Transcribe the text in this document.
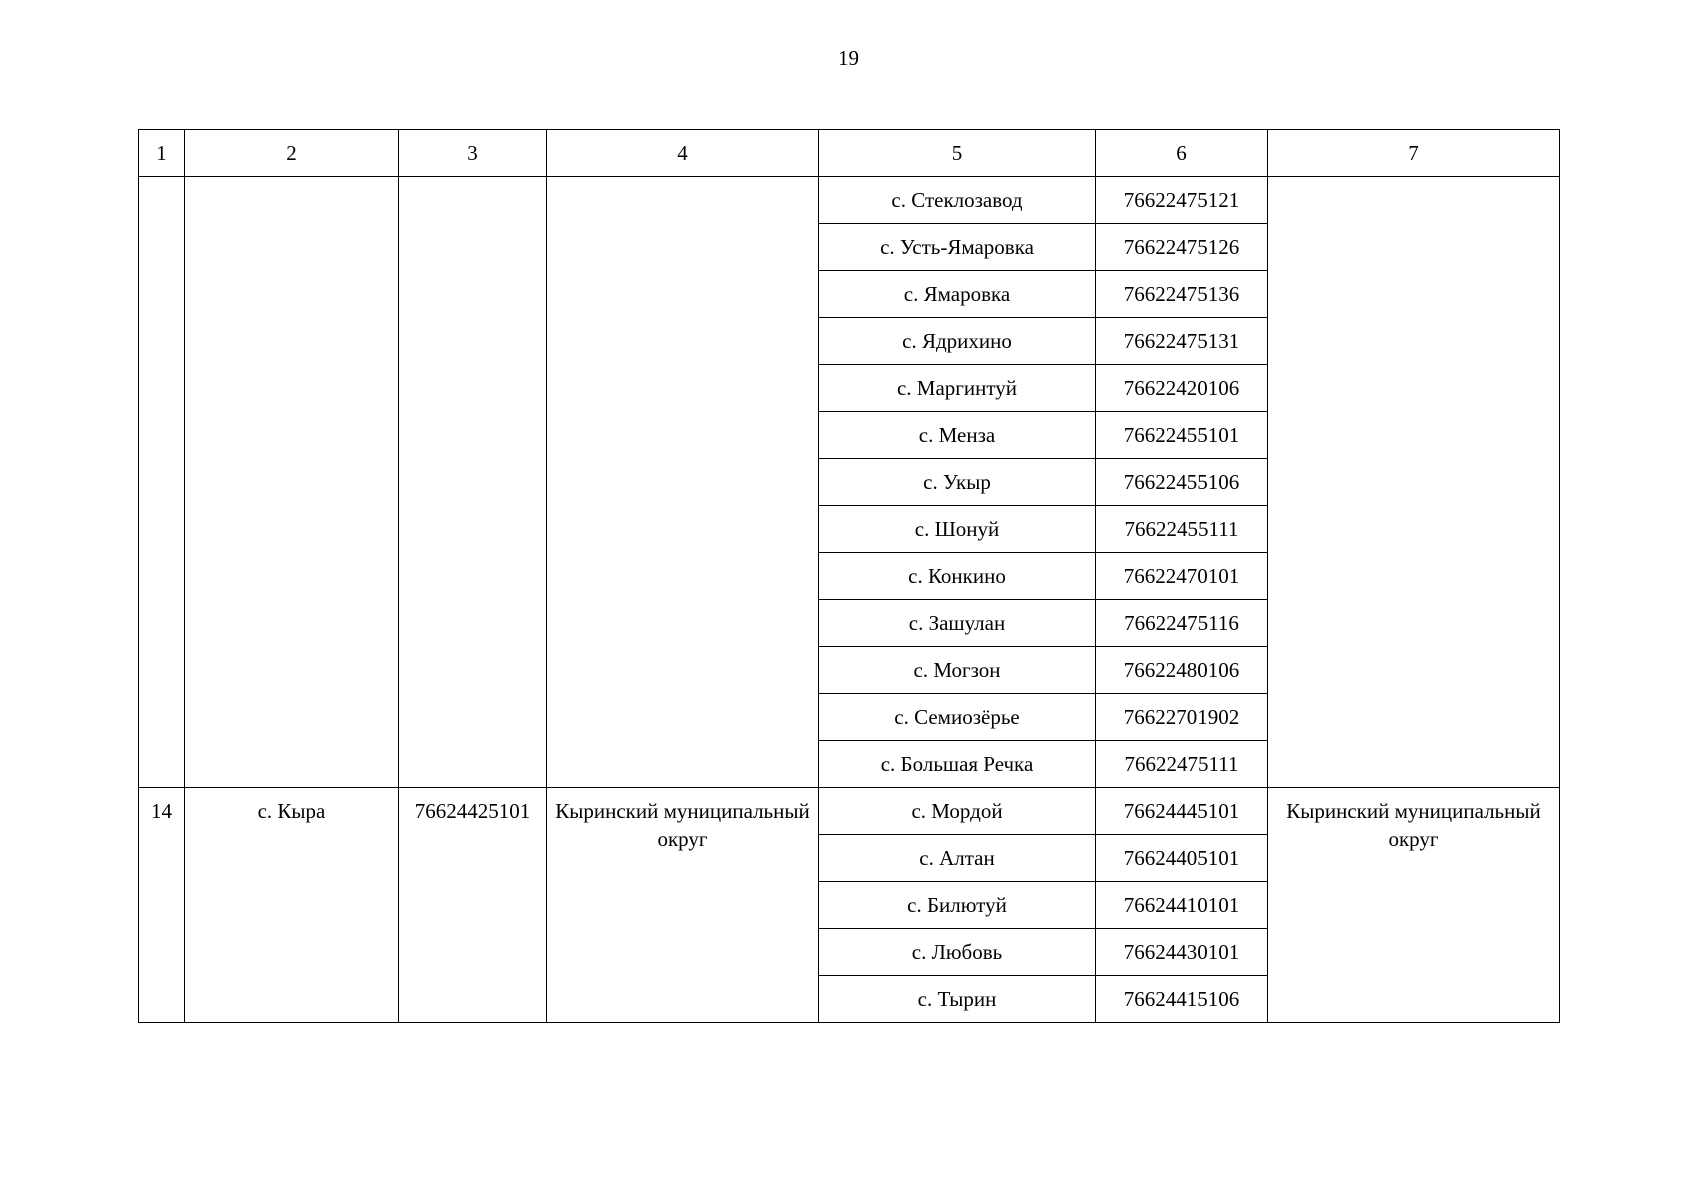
19
1	2	3	4	5	6	7
				с. Стеклозавод	76622475121	
				с. Усть-Ямаровка	76622475126	
				с. Ямаровка	76622475136	
				с. Ядрихино	76622475131	
				с. Маргинтуй	76622420106	
				с. Менза	76622455101	
				с. Укыр	76622455106	
				с. Шонуй	76622455111	
				с. Конкино	76622470101	
				с. Зашулан	76622475116	
				с. Могзон	76622480106	
				с. Семиозёрье	76622701902	
				с. Большая Речка	76622475111	
14	с. Кыра	76624425101	Кыринский муниципальный округ	с. Мордой	76624445101	Кыринский муниципальный округ
				с. Алтан	76624405101	
				с. Билютуй	76624410101	
				с. Любовь	76624430101	
				с. Тырин	76624415106	
